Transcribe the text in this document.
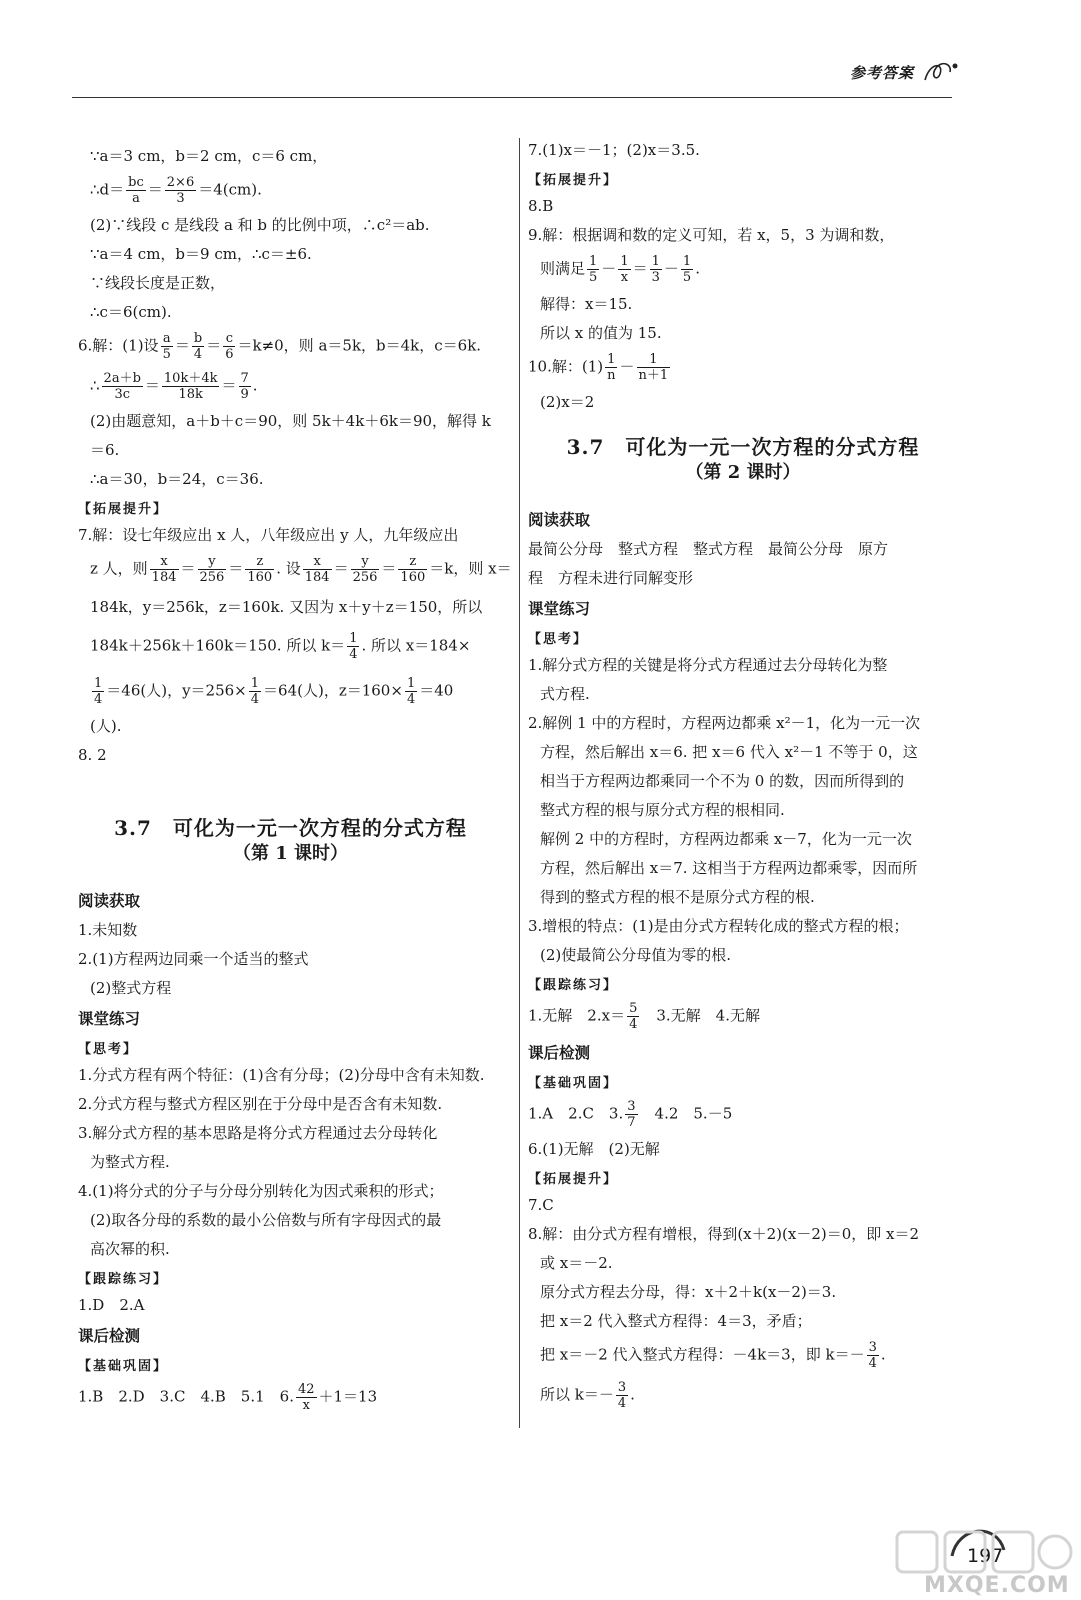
参考答案
∵a＝3 cm，b＝2 cm，c＝6 cm，
∴d＝ $\frac{bc}{a} = \frac{2\times 6}{3} =4(cm)$.
(2)∵线段 c 是线段 a 和 b 的比例中项，∴c²＝ab.
∵a＝4 cm，b＝9 cm，∴c＝±6.
∵线段长度是正数，
∴c＝6(cm).
6.解：(1)设 $\frac{a}{5} = \frac{b}{4} = \frac{c}{6} =k\ne 0$，则 a＝5k，b＝4k，c＝6k.
∴ $\frac{2a+b}{3c} = \frac{10k+4k}{18k} = \frac{7}{9}$ .
(2)由题意知，a＋b＋c＝90，则 5k＋4k＋6k＝90，解得 k
＝6.
∴a＝30，b＝24，c＝36.
【拓展提升】
7.解：设七年级应出 x 人，八年级应出 y 人，九年级应出
z 人，则 $\frac{x}{184} = \frac{y}{256} = \frac{z}{160}$ . 设 $\frac{x}{184} = \frac{y}{256} = \frac{z}{160} =k$，则 x＝
184k，y＝256k，z＝160k. 又因为 x＋y＋z＝150，所以
184k＋256k＋160k＝150. 所以 $k= \frac{1}{4}$ . 所以 x＝184×
$\frac{1}{4} =46$(人)，$y=256\times \frac{1}{4} =64$(人)，$z=160\times \frac{1}{4} =40$
(人).
8. 2
3.7　可化为一元一次方程的分式方程
（第 1 课时）
阅读获取
1.未知数
2.(1)方程两边同乘一个适当的整式
(2)整式方程
课堂练习
【思考】
1.分式方程有两个特征：(1)含有分母；(2)分母中含有未知数.
2.分式方程与整式方程区别在于分母中是否含有未知数.
3.解分式方程的基本思路是将分式方程通过去分母转化
为整式方程.
4.(1)将分式的分子与分母分别转化为因式乘积的形式；
(2)取各分母的系数的最小公倍数与所有字母因式的最
高次幂的积.
【跟踪练习】
1.D　2.A
课后检测
【基础巩固】
1.B　2.D　3.C　4.B　5.1　6. $\frac{42}{x} +1=13$
7.(1)x＝－1；(2)x＝3.5.
【拓展提升】
8.B
9.解：根据调和数的定义可知，若 x，5，3 为调和数，
则满足 $\frac{1}{5} - \frac{1}{x} = \frac{1}{3} - \frac{1}{5}$ .
解得：x＝15.
所以 x 的值为 15.
10.解：$(1) \frac{1}{n} - \frac{1}{n+1}$
(2)x＝2
3.7　可化为一元一次方程的分式方程
（第 2 课时）
阅读获取
最简公分母　整式方程　整式方程　最简公分母　原方
程　方程未进行同解变形
课堂练习
【思考】
1.解分式方程的关键是将分式方程通过去分母转化为整
式方程.
2.解例 1 中的方程时，方程两边都乘 x²－1，化为一元一次
方程，然后解出 x＝6. 把 x＝6 代入 x²－1 不等于 0，这
相当于方程两边都乘同一个不为 0 的数，因而所得到的
整式方程的根与原分式方程的根相同.
解例 2 中的方程时，方程两边都乘 x－7，化为一元一次
方程，然后解出 x＝7. 这相当于方程两边都乘零，因而所
得到的整式方程的根不是原分式方程的根.
3.增根的特点：(1)是由分式方程转化成的整式方程的根；
(2)使最简公分母值为零的根.
【跟踪练习】
1.无解　$2.x= \frac{5}{4}$ 　3.无解　4.无解
课后检测
【基础巩固】
1.A　2.C　3. $\frac{3}{7}$ 　4.2　5.－5
6.(1)无解　(2)无解
【拓展提升】
7.C
8.解：由分式方程有增根，得到(x＋2)(x－2)＝0，即 x＝2
或 x＝－2.
原分式方程去分母，得：x＋2＋k(x－2)＝3.
把 x＝2 代入整式方程得：4＝3，矛盾；
把 x＝－2 代入整式方程得：－4k＝3，即 $k=- \frac{3}{4}$ .
所以 $k=- \frac{3}{4}$ .
197
MXQE.COM
